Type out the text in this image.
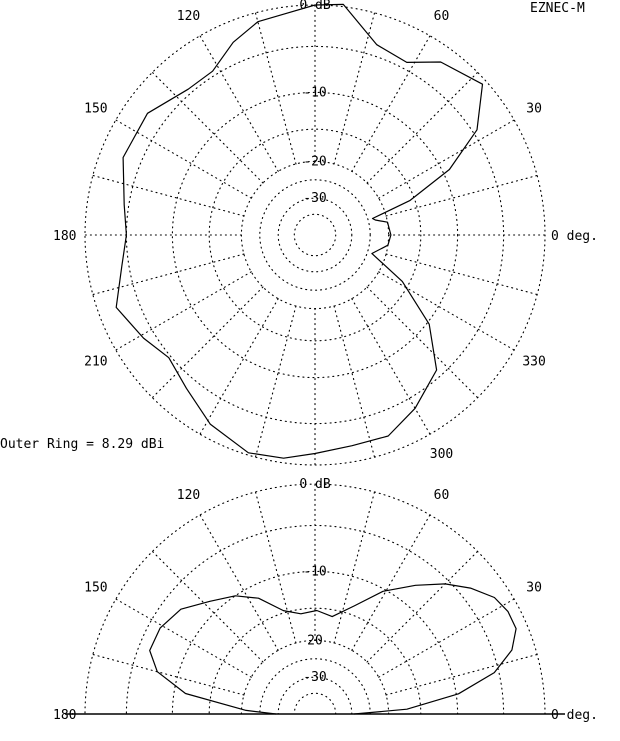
0 deg.
30
60
120
150
180
210
300
330
0 dB
-10
-20
-30
0 deg.
30
60
120
150
180
0 dB
-10
20
-30
EZNEC-M
Outer Ring = 8.29 dBi
